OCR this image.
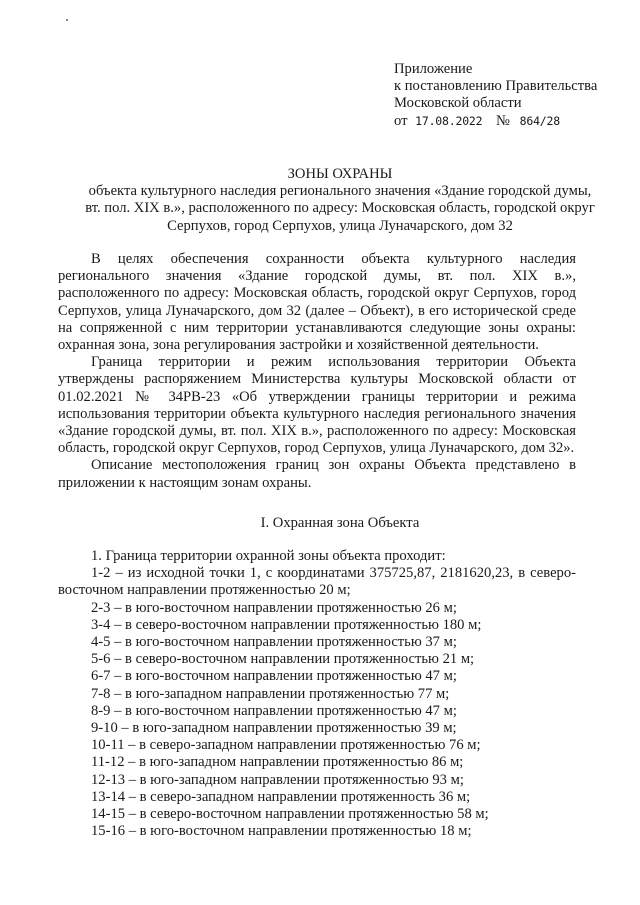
Приложение
к постановлению Правительства
Московской области
от 17.08.2022 № 864/28
ЗОНЫ ОХРАНЫ
объекта культурного наследия регионального значения «Здание городской думы,
вт. пол. XIX в.», расположенного по адресу: Московская область, городской округ
Серпухов, город Серпухов, улица Луначарского, дом 32

В целях обеспечения сохранности объекта культурного наследия регионального значения «Здание городской думы, вт. пол. XIX в.», расположенного по адресу: Московская область, городской округ Серпухов, город Серпухов, улица Луначарского, дом 32 (далее – Объект), в его исторической среде на сопряженной с ним территории устанавливаются следующие зоны охраны: охранная зона, зона регулирования застройки и хозяйственной деятельности.

Граница территории и режим использования территории Объекта утверждены распоряжением Министерства культуры Московской области от 01.02.2021 № 34РВ-23 «Об утверждении границы территории и режима использования территории объекта культурного наследия регионального значения «Здание городской думы, вт. пол. XIX в.», расположенного по адресу: Московская область, городской округ Серпухов, город Серпухов, улица Луначарского, дом 32».

Описание местоположения границ зон охраны Объекта представлено в приложении к настоящим зонам охраны.

I. Охранная зона Объекта

1. Граница территории охранной зоны объекта проходит:

1-2 – из исходной точки 1, с координатами 375725,87, 2181620,23, в северо-восточном направлении протяженностью 20 м;

2-3 – в юго-восточном направлении протяженностью 26 м;

3-4 – в северо-восточном направлении протяженностью 180 м;

4-5 – в юго-восточном направлении протяженностью 37 м;

5-6 – в северо-восточном направлении протяженностью 21 м;

6-7 – в юго-восточном направлении протяженностью 47 м;

7-8 – в юго-западном направлении протяженностью 77 м;

8-9 – в юго-восточном направлении протяженностью 47 м;

9-10 – в юго-западном направлении протяженностью 39 м;

10-11 – в северо-западном направлении протяженностью 76 м;

11-12 – в юго-западном направлении протяженностью 86 м;

12-13 – в юго-западном направлении протяженностью 93 м;

13-14 – в северо-западном направлении протяженность 36 м;

14-15 – в северо-восточном направлении протяженностью 58 м;

15-16 – в юго-восточном направлении протяженностью 18 м;
